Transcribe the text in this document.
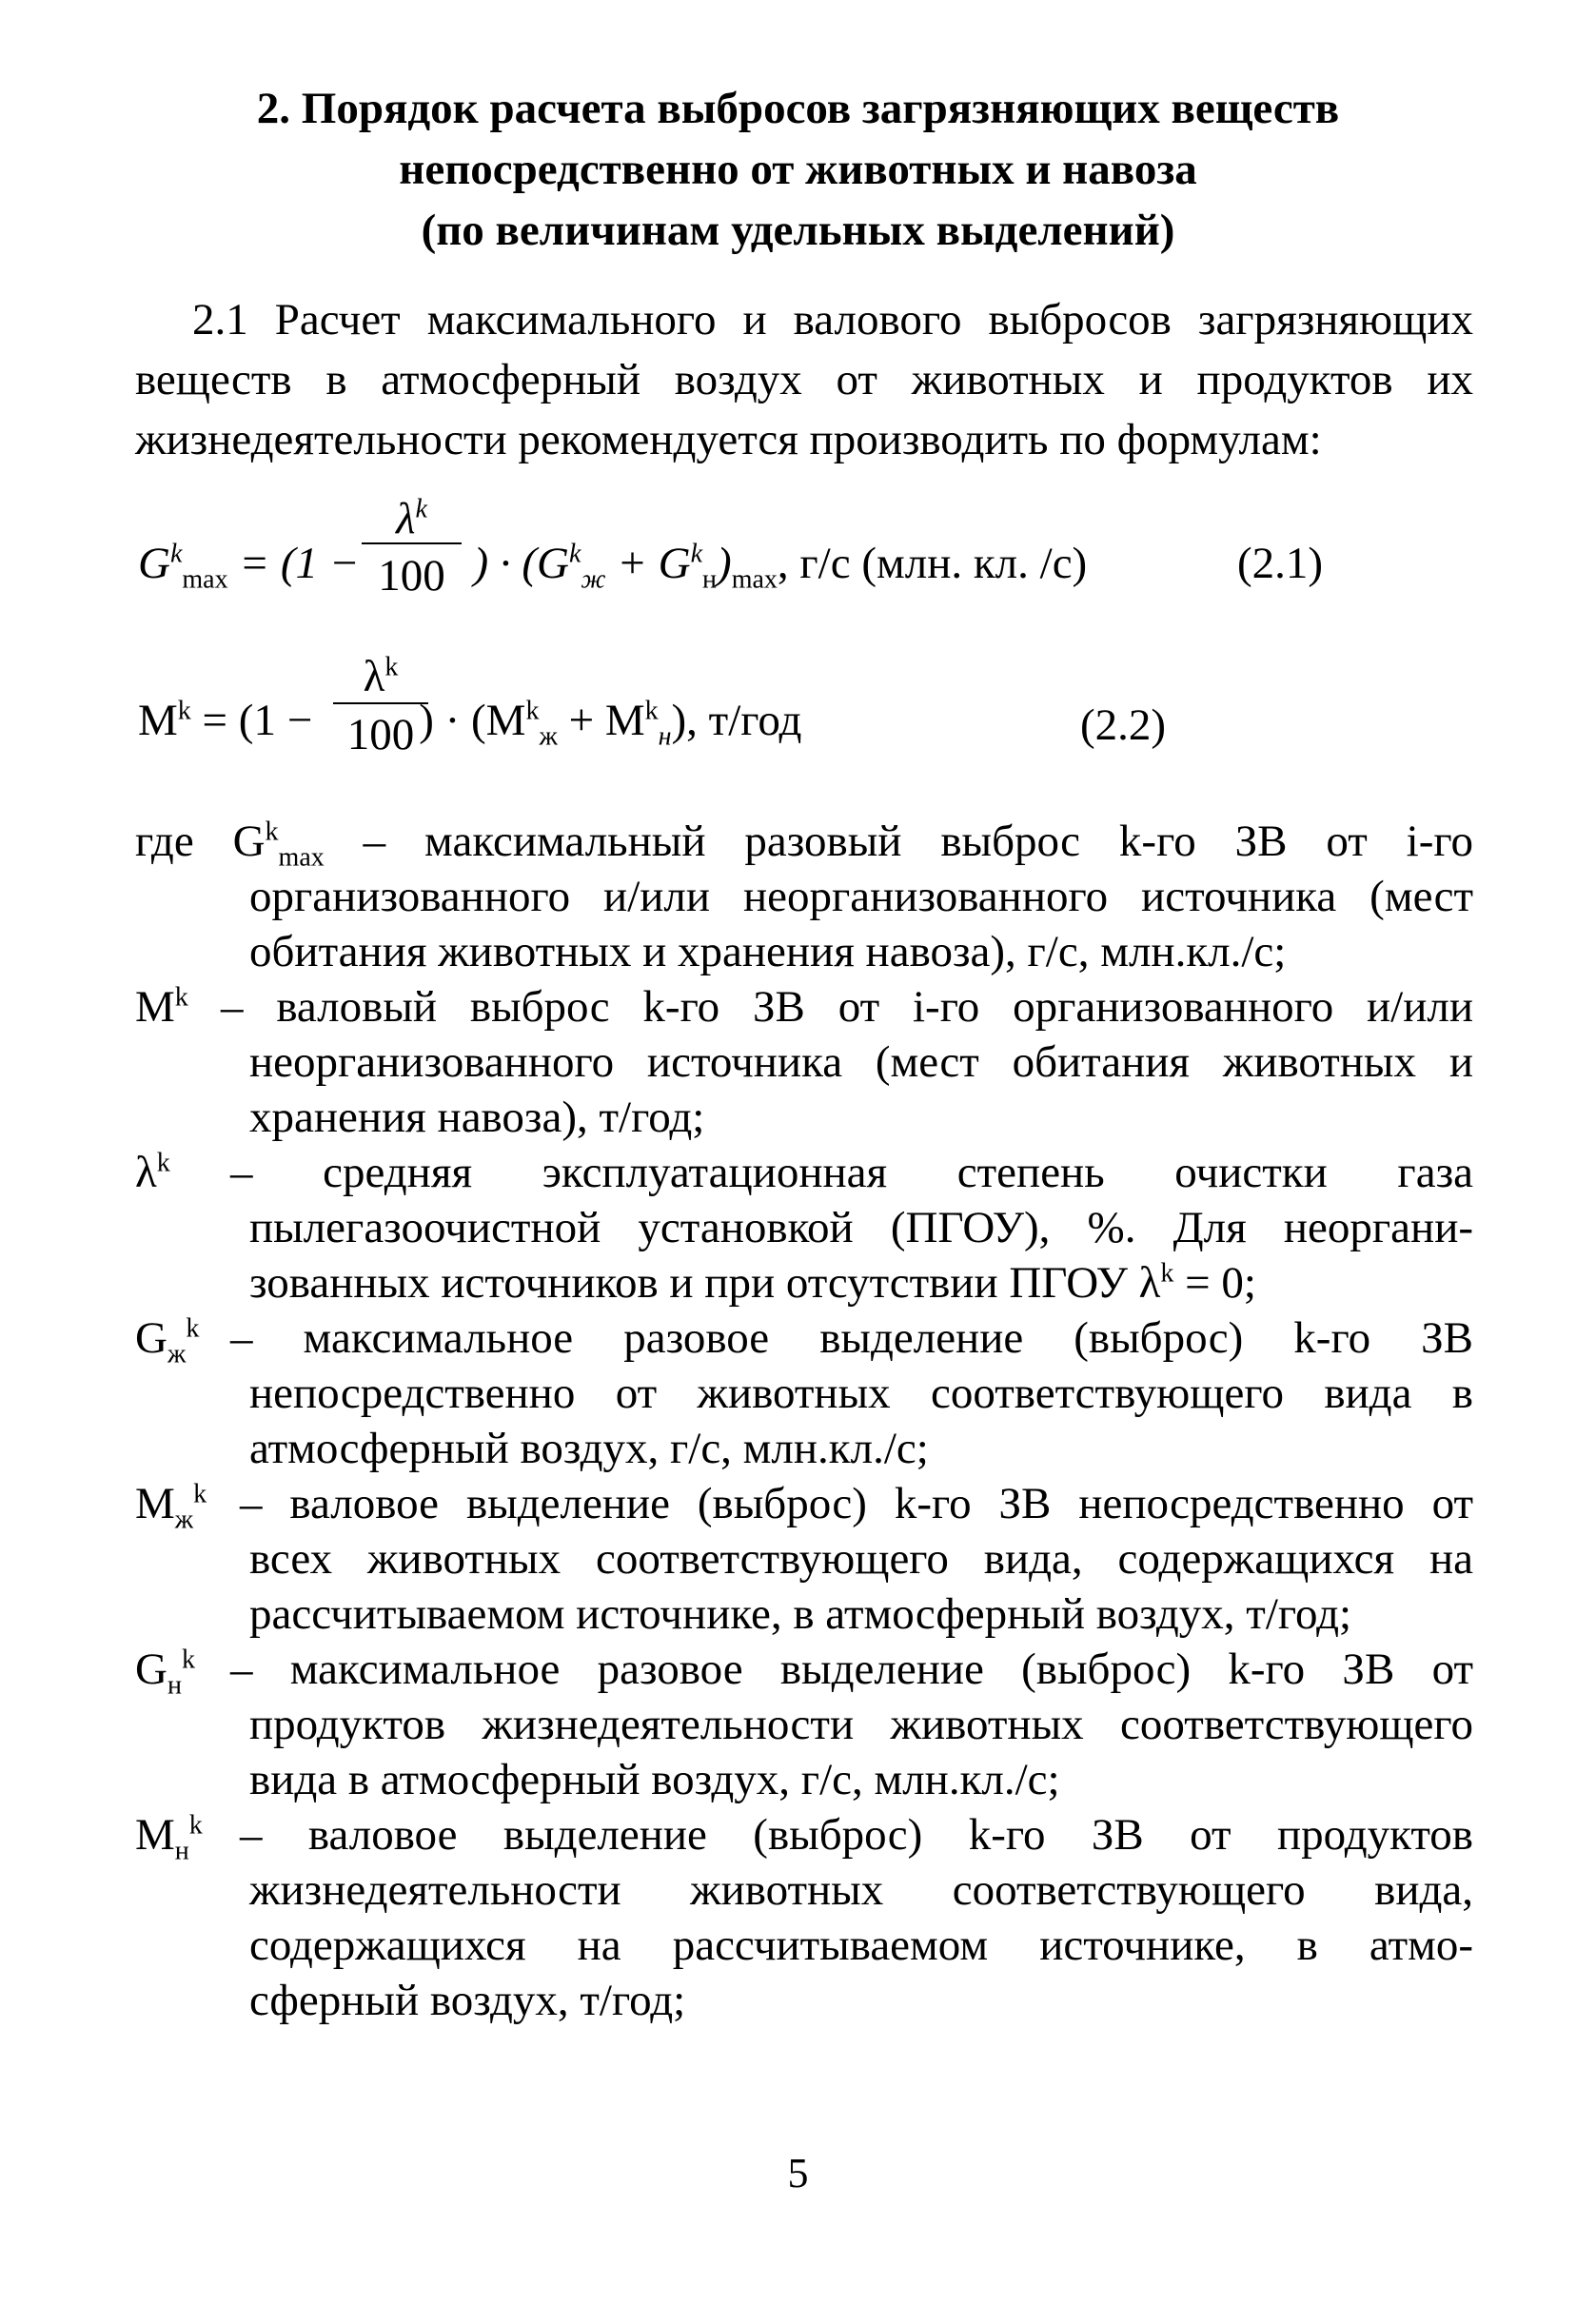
2. Порядок расчета выбросов загрязняющих веществ
непосредственно от животных и навоза
(по величинам удельных выделений)
2.1 Расчет максимального и валового выбросов загрязняющих
веществ в атмосферный воздух от животных и продуктов их
жизнедеятельности рекомендуется производить по формулам:
$G^k_{max} = (1$ −	) · $(G^k_ж + G^k_н)_{max}$, г/с (млн. кл. /с)
$\frac{\lambda^k}{100}$	(2.1)
$M^k = (1$ − ) · $(M^k_ж + M^k_н)$, т/год
$\frac{\lambda^k}{100}$	(2.2)
где $G^k_{max}$ – максимальный разовый выброс k-го ЗВ от i-го
организованного и/или неорганизованного источника (мест
обитания животных и хранения навоза), г/с, млн.кл./с;
$M^k$ – валовый выброс k-го ЗВ от i-го организованного и/или
неорганизованного источника (мест обитания животных и
хранения навоза), т/год;
$\lambda^k$ – средняя эксплуатационная степень очистки газа
пылегазоочистной установкой (ПГОУ), %. Для неоргани-
зованных источников и при отсутствии ПГОУ $\lambda^k = 0$;
$G_ж^k$ – максимальное разовое выделение (выброс) k-го ЗВ
непосредственно от животных соответствующего вида в
атмосферный воздух, г/с, млн.кл./с;
$M_ж^k$ – валовое выделение (выброс) k-го ЗВ непосредственно от
всех животных соответствующего вида, содержащихся на
рассчитываемом источнике, в атмосферный воздух, т/год;
$G_н^k$ – максимальное разовое выделение (выброс) k-го ЗВ от
продуктов жизнедеятельности животных соответствующего
вида в атмосферный воздух, г/с, млн.кл./с;
$M_н^k$ – валовое выделение (выброс) k-го ЗВ от продуктов
жизнедеятельности животных соответствующего вида,
содержащихся на рассчитываемом источнике, в атмо-
сферный воздух, т/год;
5
